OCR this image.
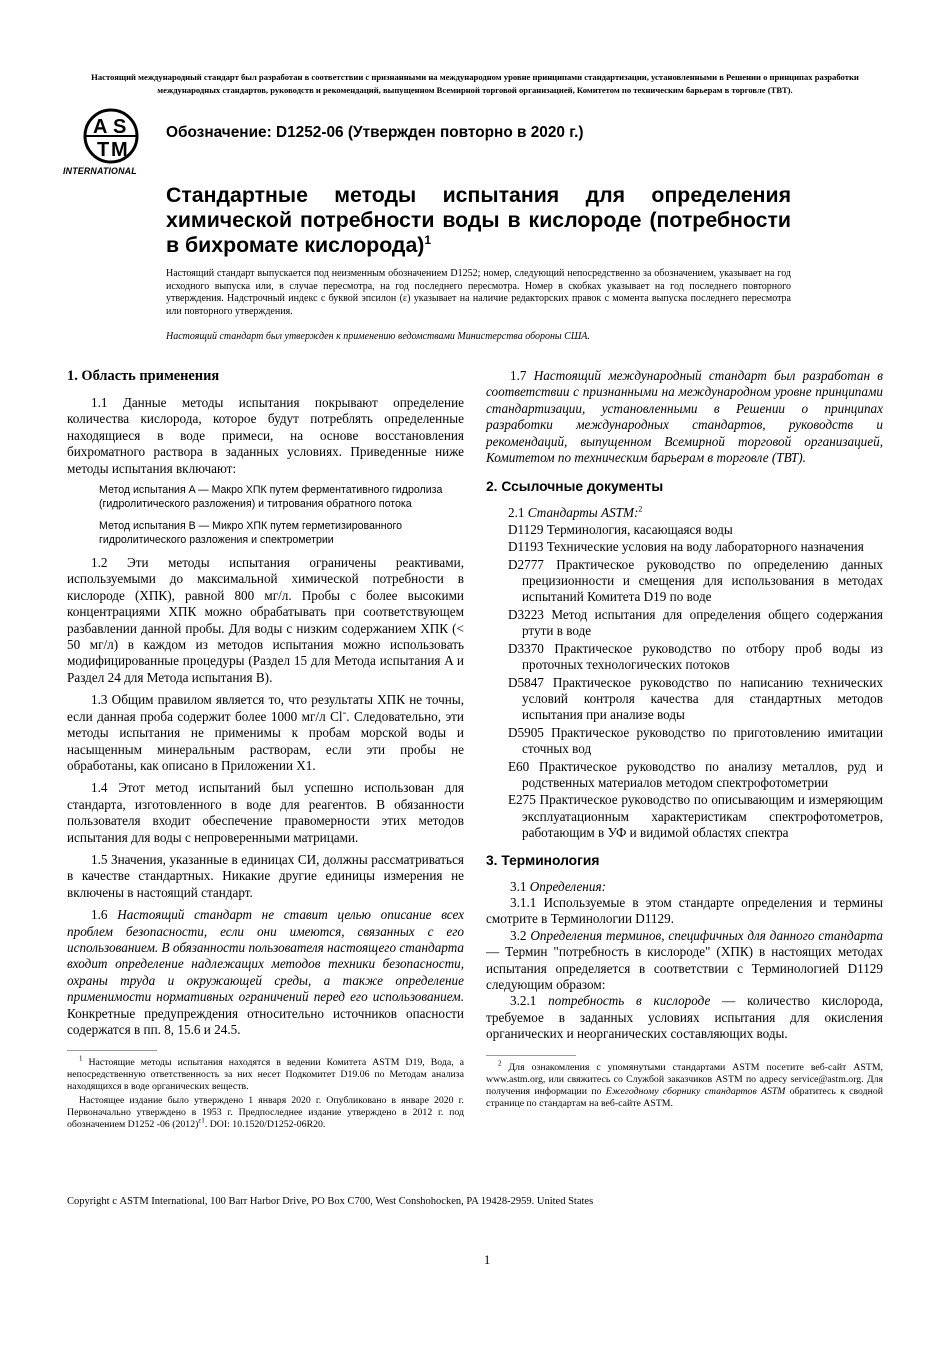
Настоящий международный стандарт был разработан в соответствии с признанными на международном уровне принципами стандартизации, установленными в Решении о принципах разработки международных стандартов, руководств и рекомендаций, выпущенном Всемирной торговой организацией, Комитетом по техническим барьерам в торговле (ТВТ).
A S
T M
INTERNATIONAL
Обозначение: D1252-06 (Утвержден повторно в 2020 г.)
Стандартные методы испытания для определения химической потребности воды в кислороде (потребности в бихромате кислорода)$^1$
Настоящий стандарт выпускается под неизменным обозначением D1252; номер, следующий непосредственно за обозначением, указывает на год исходного выпуска или, в случае пересмотра, на год последнего пересмотра. Номер в скобках указывает на год последнего повторного утверждения. Надстрочный индекс с буквой эпсилон (ε) указывает на наличие редакторских правок с момента выпуска последнего пересмотра или повторного утверждения.
Настоящий стандарт был утвержден к применению ведомствами Министерства обороны США.
1. Область применения
1.1 Данные методы испытания покрывают определение количества кислорода, которое будут потреблять определенные находящиеся в воде примеси, на основе восстановления бихроматного раствора в заданных условиях. Приведенные ниже методы испытания включают:
Метод испытания A — Макро ХПК путем ферментативного гидролиза (гидролитического разложения) и титрования обратного потока
Метод испытания B — Микро ХПК путем герметизированного гидролитического разложения и спектрометрии
1.2 Эти методы испытания ограничены реактивами, используемыми до максимальной химической потребности в кислороде (ХПК), равной 800 мг/л. Пробы с более высокими концентрациями ХПК можно обрабатывать при соответствующем разбавлении данной пробы. Для воды с низким содержанием ХПК (< 50 мг/л) в каждом из методов испытания можно использовать модифицированные процедуры (Раздел 15 для Метода испытания A и Раздел 24 для Метода испытания B).
1.3 Общим правилом является то, что результаты ХПК не точны, если данная проба содержит более 1000 мг/л Cl-. Следовательно, эти методы испытания не применимы к пробам морской воды и насыщенным минеральным растворам, если эти пробы не обработаны, как описано в Приложении X1.
1.4 Этот метод испытаний был успешно использован для стандарта, изготовленного в воде для реагентов. В обязанности пользователя входит обеспечение правомерности этих методов испытания для воды с непроверенными матрицами.
1.5 Значения, указанные в единицах СИ, должны рассматриваться в качестве стандартных. Никакие другие единицы измерения не включены в настоящий стандарт.
1.6 Настоящий стандарт не ставит целью описание всех проблем безопасности, если они имеются, связанных с его использованием. В обязанности пользователя настоящего стандарта входит определение надлежащих методов техники безопасности, охраны труда и окружающей среды, а также определение применимости нормативных ограничений перед его использованием. Конкретные предупреждения относительно источников опасности содержатся в пп. 8, 15.6 и 24.5.
$^1$ Настоящие методы испытания находятся в ведении Комитета ASTM D19, Вода, а непосредственную ответственность за них несет Подкомитет D19.06 по Методам анализа находящихся в воде органических веществ.
Настоящее издание было утверждено 1 января 2020 г. Опубликовано в январе 2020 г. Первоначально утверждено в 1953 г. Предпоследнее издание утверждено в 2012 г. под обозначением D1252 -06 $(2012)^{\varepsilon 1}$. DOI: 10.1520/D1252-06R20.
1.7 Настоящий международный стандарт был разработан в соответствии с признанными на международном уровне принципами стандартизации, установленными в Решении о принципах разработки международных стандартов, руководств и рекомендаций, выпущенном Всемирной торговой организацией, Комитетом по техническим барьерам в торговле (ТВТ).
2. Ссылочные документы
2.1 Стандарты ASTM:$^2$
D1129 Терминология, касающаяся воды
D1193 Технические условия на воду лабораторного назначения
D2777 Практическое руководство по определению данных прецизионности и смещения для использования в методах испытаний Комитета D19 по воде
D3223 Метод испытания для определения общего содержания ртути в воде
D3370 Практическое руководство по отбору проб воды из проточных технологических потоков
D5847 Практическое руководство по написанию технических условий контроля качества для стандартных методов испытания при анализе воды
D5905 Практическое руководство по приготовлению имитации сточных вод
E60 Практическое руководство по анализу металлов, руд и родственных материалов методом спектрофотометрии
E275 Практическое руководство по описывающим и измеряющим эксплуатационным характеристикам спектрофотометров, работающим в УФ и видимой областях спектра
3. Терминология
3.1 Определения:
3.1.1 Используемые в этом стандарте определения и термины смотрите в Терминологии D1129.
3.2 Определения терминов, специфичных для данного стандарта — Термин "потребность в кислороде" (ХПК) в настоящих методах испытания определяется в соответствии с Терминологией D1129 следующим образом:
3.2.1 потребность в кислороде — количество кислорода, требуемое в заданных условиях испытания для окисления органических и неорганических составляющих воды.
$^2$ Для ознакомления с упомянутыми стандартами ASTM посетите веб-сайт ASTM, www.astm.org, или свяжитесь со Службой заказчиков ASTM по адресу service@astm.org. Для получения информации по Ежегодному сборнику стандартов ASTM обратитесь к сводной странице по стандартам на веб-сайте ASTM.
Copyright с ASTM International, 100 Barr Harbor Drive, PO Box C700, West Conshohocken, PA 19428-2959. United States
1
